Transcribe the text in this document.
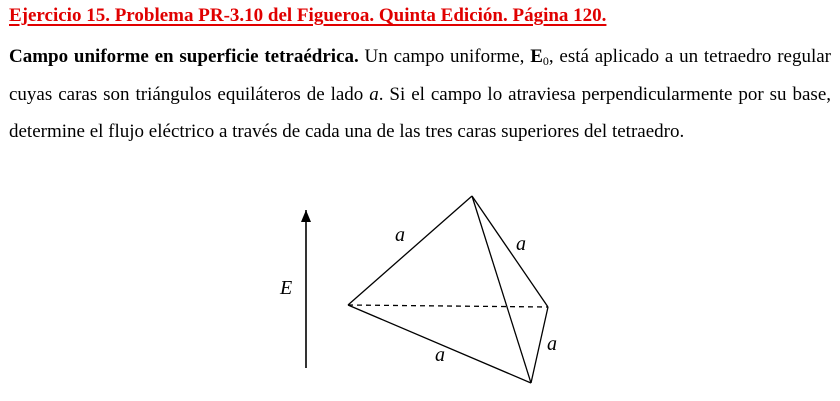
Ejercicio 15. Problema PR-3.10 del Figueroa. Quinta Edición. Página 120.

Campo uniforme en superficie tetraédrica. Un campo uniforme, $E_0$, está aplicado a un tetraedro regular cuyas caras son triángulos equiláteros de lado a. Si el campo lo atraviesa perpendicularmente por su base, determine el flujo eléctrico a través de cada una de las tres caras superiores del tetraedro.

E
a	a
a
a
